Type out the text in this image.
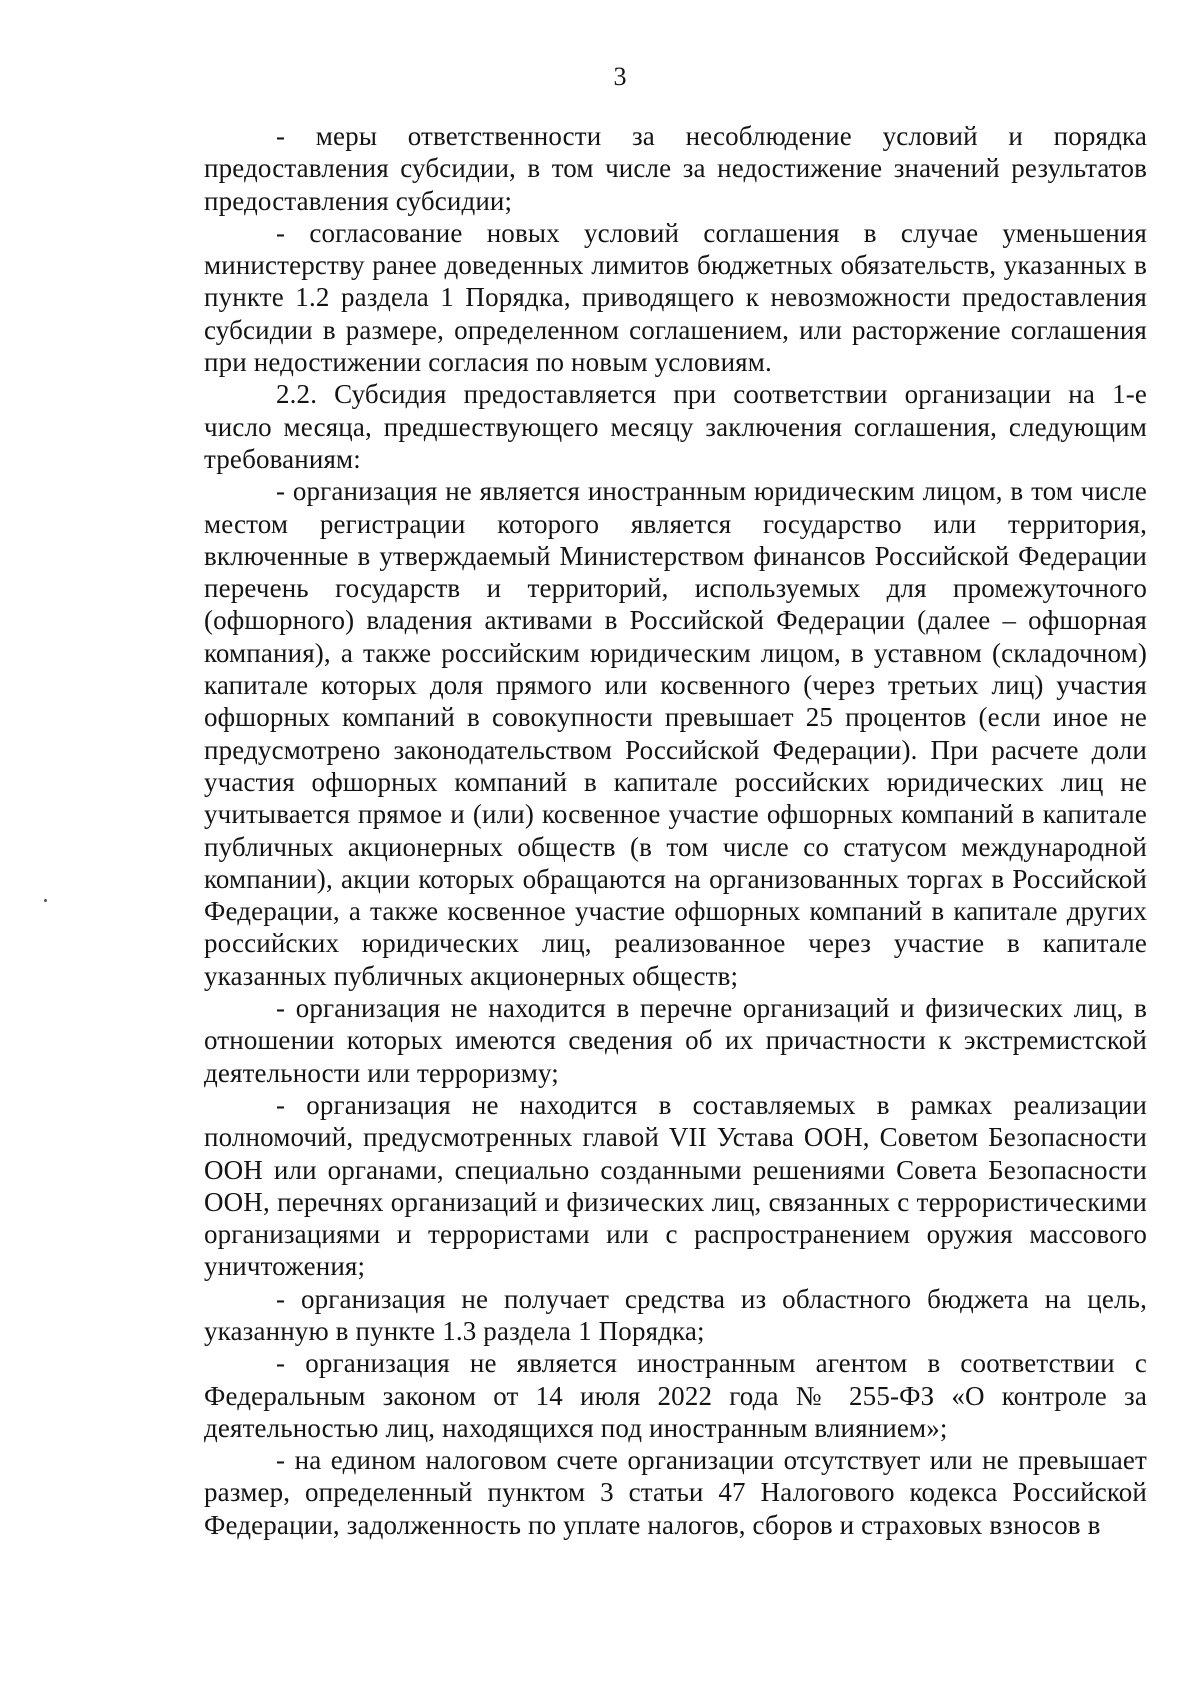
3

- меры ответственности за несоблюдение условий и порядка предоставления субсидии, в том числе за недостижение значений результатов предоставления субсидии;

- согласование новых условий соглашения в случае уменьшения министерству ранее доведенных лимитов бюджетных обязательств, указанных в пункте 1.2 раздела 1 Порядка, приводящего к невозможности предоставления субсидии в размере, определенном соглашением, или расторжение соглашения при недостижении согласия по новым условиям.

2.2. Субсидия предоставляется при соответствии организации на 1-е число месяца, предшествующего месяцу заключения соглашения, следующим требованиям:

- организация не является иностранным юридическим лицом, в том числе местом регистрации которого является государство или территория, включенные в утверждаемый Министерством финансов Российской Федерации перечень государств и территорий, используемых для промежуточного (офшорного) владения активами в Российской Федерации (далее – офшорная компания), а также российским юридическим лицом, в уставном (складочном) капитале которых доля прямого или косвенного (через третьих лиц) участия офшорных компаний в совокупности превышает 25 процентов (если иное не предусмотрено законодательством Российской Федерации). При расчете доли участия офшорных компаний в капитале российских юридических лиц не учитывается прямое и (или) косвенное участие офшорных компаний в капитале публичных акционерных обществ (в том числе со статусом международной компании), акции которых обращаются на организованных торгах в Российской Федерации, а также косвенное участие офшорных компаний в капитале других российских юридических лиц, реализованное через участие в капитале указанных публичных акционерных обществ;

- организация не находится в перечне организаций и физических лиц, в отношении которых имеются сведения об их причастности к экстремистской деятельности или терроризму;

- организация не находится в составляемых в рамках реализации полномочий, предусмотренных главой VII Устава ООН, Советом Безопасности ООН или органами, специально созданными решениями Совета Безопасности ООН, перечнях организаций и физических лиц, связанных с террористическими организациями и террористами или с распространением оружия массового уничтожения;

- организация не получает средства из областного бюджета на цель, указанную в пункте 1.3 раздела 1 Порядка;

- организация не является иностранным агентом в соответствии с Федеральным законом от 14 июля 2022 года № 255-ФЗ «О контроле за деятельностью лиц, находящихся под иностранным влиянием»;

- на едином налоговом счете организации отсутствует или не превышает размер, определенный пунктом 3 статьи 47 Налогового кодекса Российской Федерации, задолженность по уплате налогов, сборов и страховых взносов в
